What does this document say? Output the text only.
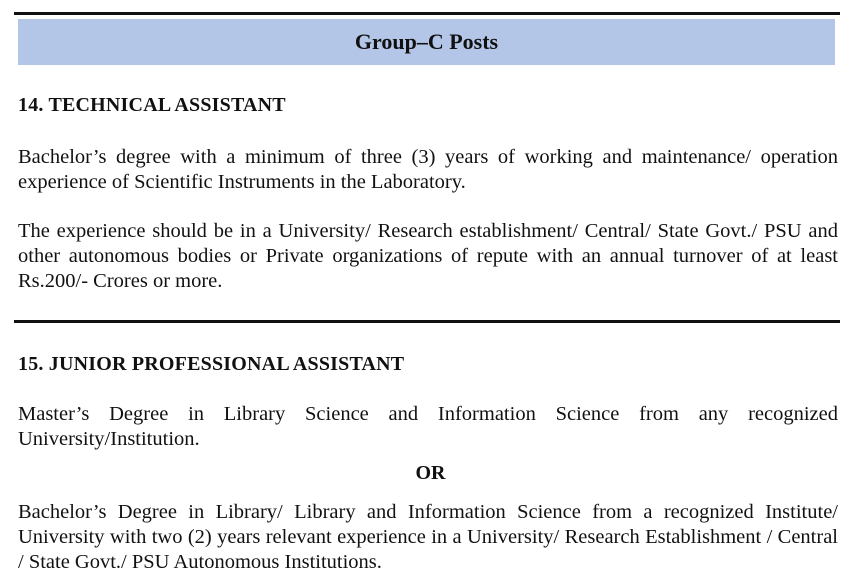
Group–C Posts
14. TECHNICAL ASSISTANT
Bachelor’s degree with a minimum of three (3) years of working and maintenance/ operation experience of Scientific Instruments in the Laboratory.
The experience should be in a University/ Research establishment/ Central/ State Govt./ PSU and other autonomous bodies or Private organizations of repute with an annual turnover of at least Rs.200/- Crores or more.
15. JUNIOR PROFESSIONAL ASSISTANT
Master’s Degree in Library Science and Information Science from any recognized University/Institution.
OR
Bachelor’s Degree in Library/ Library and Information Science from a recognized Institute/ University with two (2) years relevant experience in a University/ Research Establishment / Central / State Govt./ PSU Autonomous Institutions.
